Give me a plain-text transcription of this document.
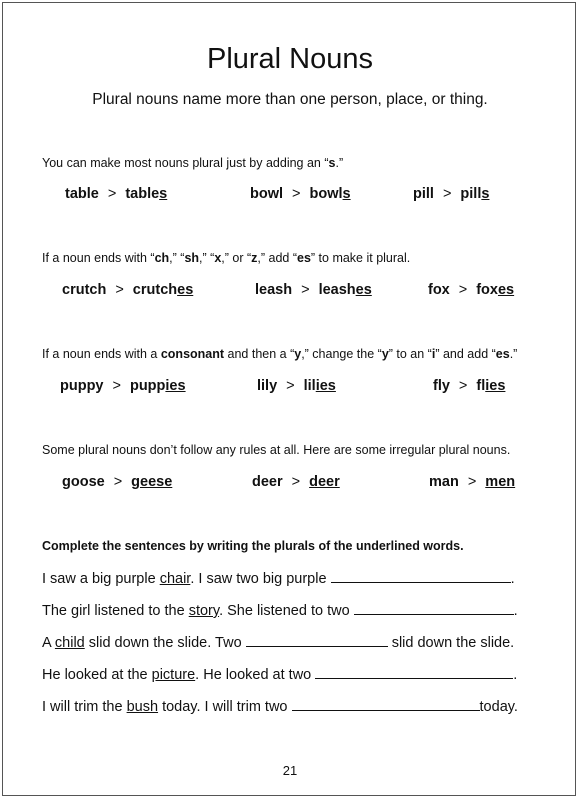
Plural Nouns
Plural nouns name more than one person, place, or thing.
You can make most nouns plural just by adding an “s.”
table > tables	bowl > bowls	pill > pills
If a noun ends with “ch,” “sh,” “x,” or “z,” add “es” to make it plural.
crutch > crutches	leash > leashes	fox > foxes
If a noun ends with a consonant and then a “y,” change the “y” to an “i” and add “es.”
puppy > puppies	lily > lilies	fly > flies
Some plural nouns don’t follow any rules at all. Here are some irregular plural nouns.
goose > geese	deer > deer	man > men
Complete the sentences by writing the plurals of the underlined words.
I saw a big purple chair. I saw two big purple	.
The girl listened to the story. She listened to two	.
A child slid down the slide. Two	slid down the slide.
He looked at the picture. He looked at two	.
I will trim the bush today. I will trim two	today.
21
